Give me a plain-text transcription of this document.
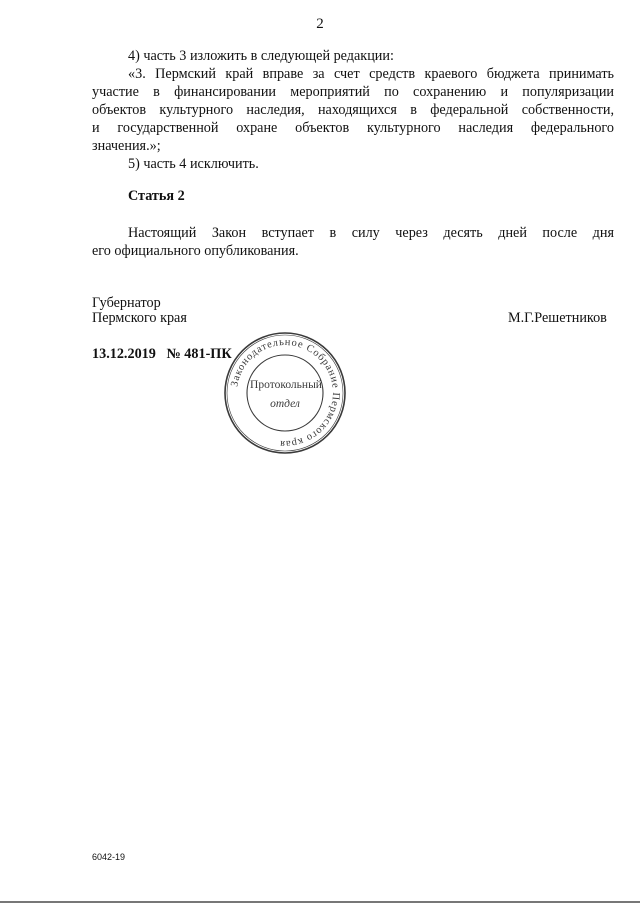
2
4) часть 3 изложить в следующей редакции:
«3. Пермский край вправе за счет средств краевого бюджета принимать
участие в финансировании мероприятий по сохранению и популяризации
объектов культурного наследия, находящихся в федеральной собственности,
и государственной охране объектов культурного наследия федерального
значения.»;
5) часть 4 исключить.
Статья 2
Настоящий Закон вступает в силу через десять дней после дня
его официального опубликования.
Губернатор
Пермского края	М.Г.Решетников
13.12.2019 № 481-ПК
Законодательное Собрание Пермского края
Протокольный
отдел
6042-19
